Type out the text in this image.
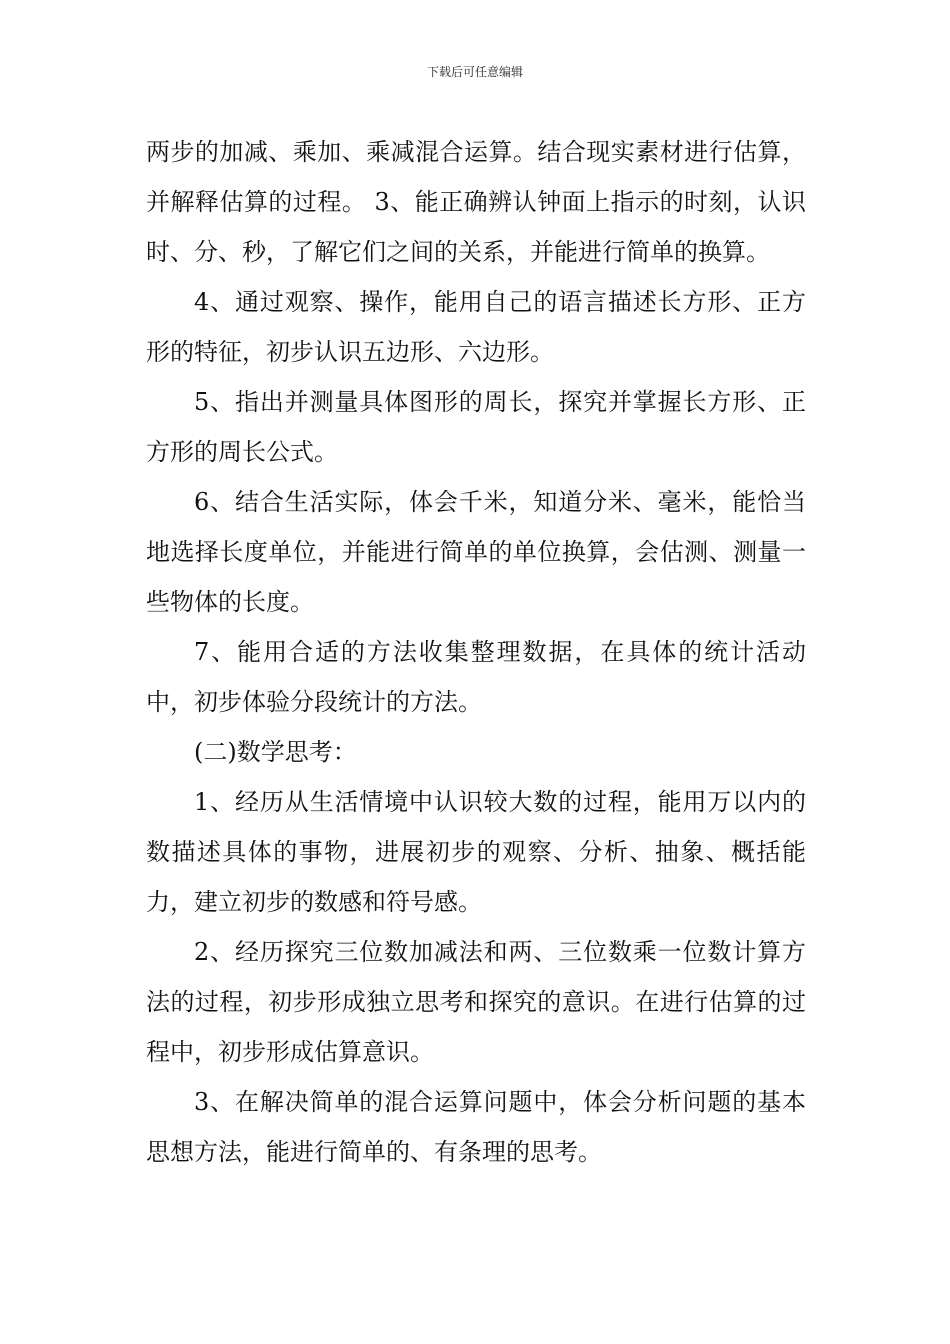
下载后可任意编辑

两步的加减、乘加、乘减混合运算。结合现实素材进行估算，并解释估算的过程。 3、能正确辨认钟面上指示的时刻，认识时、分、秒，了解它们之间的关系，并能进行简单的换算。

4、通过观察、操作，能用自己的语言描述长方形、正方形的特征，初步认识五边形、六边形。

5、指出并测量具体图形的周长，探究并掌握长方形、正方形的周长公式。

6、结合生活实际，体会千米，知道分米、毫米，能恰当地选择长度单位，并能进行简单的单位换算，会估测、测量一些物体的长度。

7、能用合适的方法收集整理数据，在具体的统计活动中，初步体验分段统计的方法。

(二)数学思考：

1、经历从生活情境中认识较大数的过程，能用万以内的数描述具体的事物，进展初步的观察、分析、抽象、概括能力，建立初步的数感和符号感。

2、经历探究三位数加减法和两、三位数乘一位数计算方法的过程，初步形成独立思考和探究的意识。在进行估算的过程中，初步形成估算意识。

3、在解决简单的混合运算问题中，体会分析问题的基本思想方法，能进行简单的、有条理的思考。
